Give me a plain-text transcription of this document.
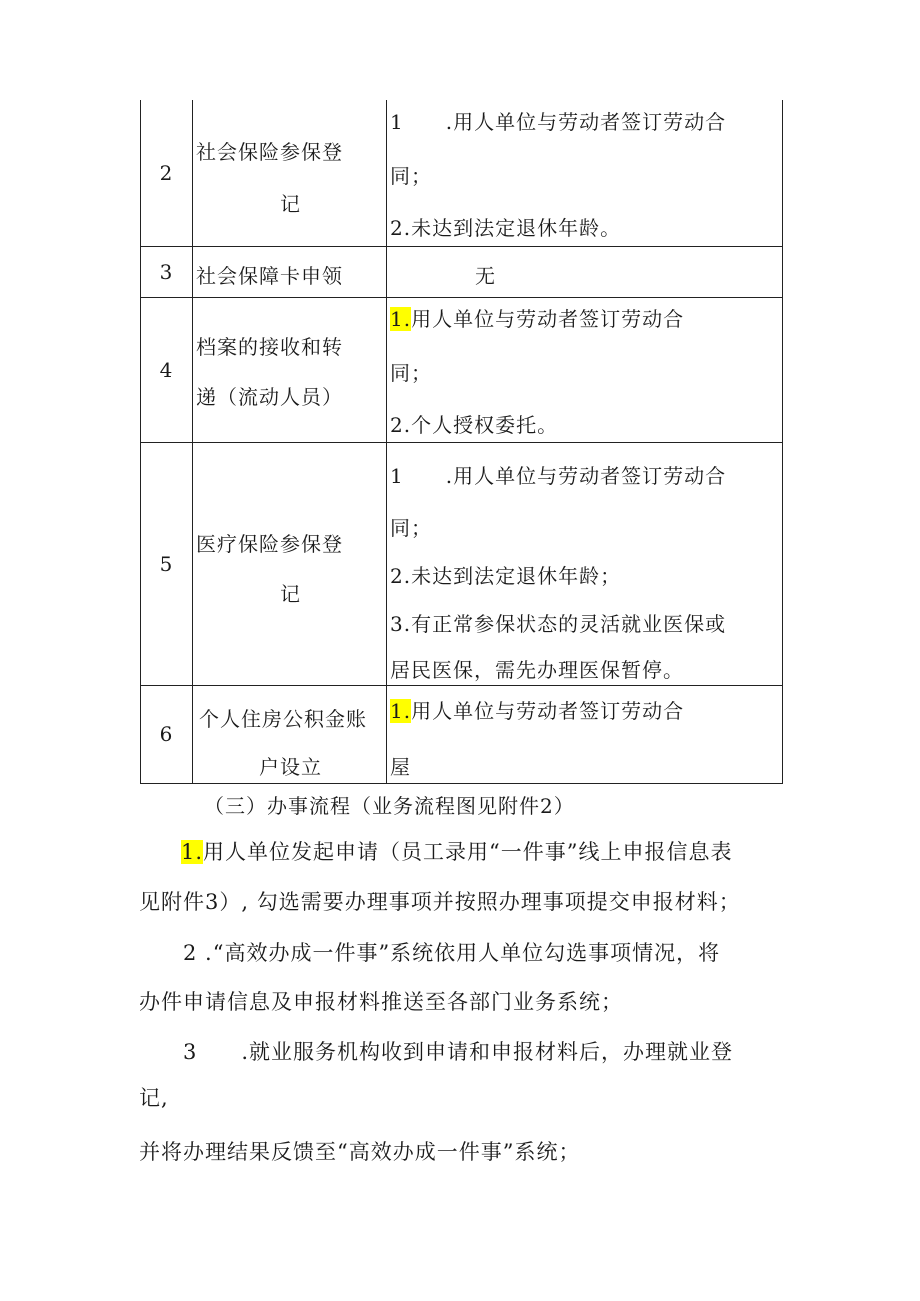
2
社会保险参保登
记
1　　.用人单位与劳动者签订劳动合
同；
2.未达到法定退休年龄。
3	社会保障卡申领	无
4
档案的接收和转
递（流动人员）
1.用人单位与劳动者签订劳动合
同；
2.个人授权委托。
5
医疗保险参保登
记
1　　.用人单位与劳动者签订劳动合
同；
2.未达到法定退休年龄；
3.有正常参保状态的灵活就业医保或
居民医保，需先办理医保暂停。
6
个人住房公积金账
户设立
1.用人单位与劳动者签订劳动合
屋
（三）办事流程（业务流程图见附件2）
1.用人单位发起申请（员工录用“一件事”线上申报信息表
见附件3）, 勾选需要办理事项并按照办理事项提交申报材料；
2 .“高效办成一件事”系统依用人单位勾选事项情况，将
办件申请信息及申报材料推送至各部门业务系统；
3　　.就业服务机构收到申请和申报材料后，办理就业登
记,
并将办理结果反馈至“高效办成一件事”系统；
